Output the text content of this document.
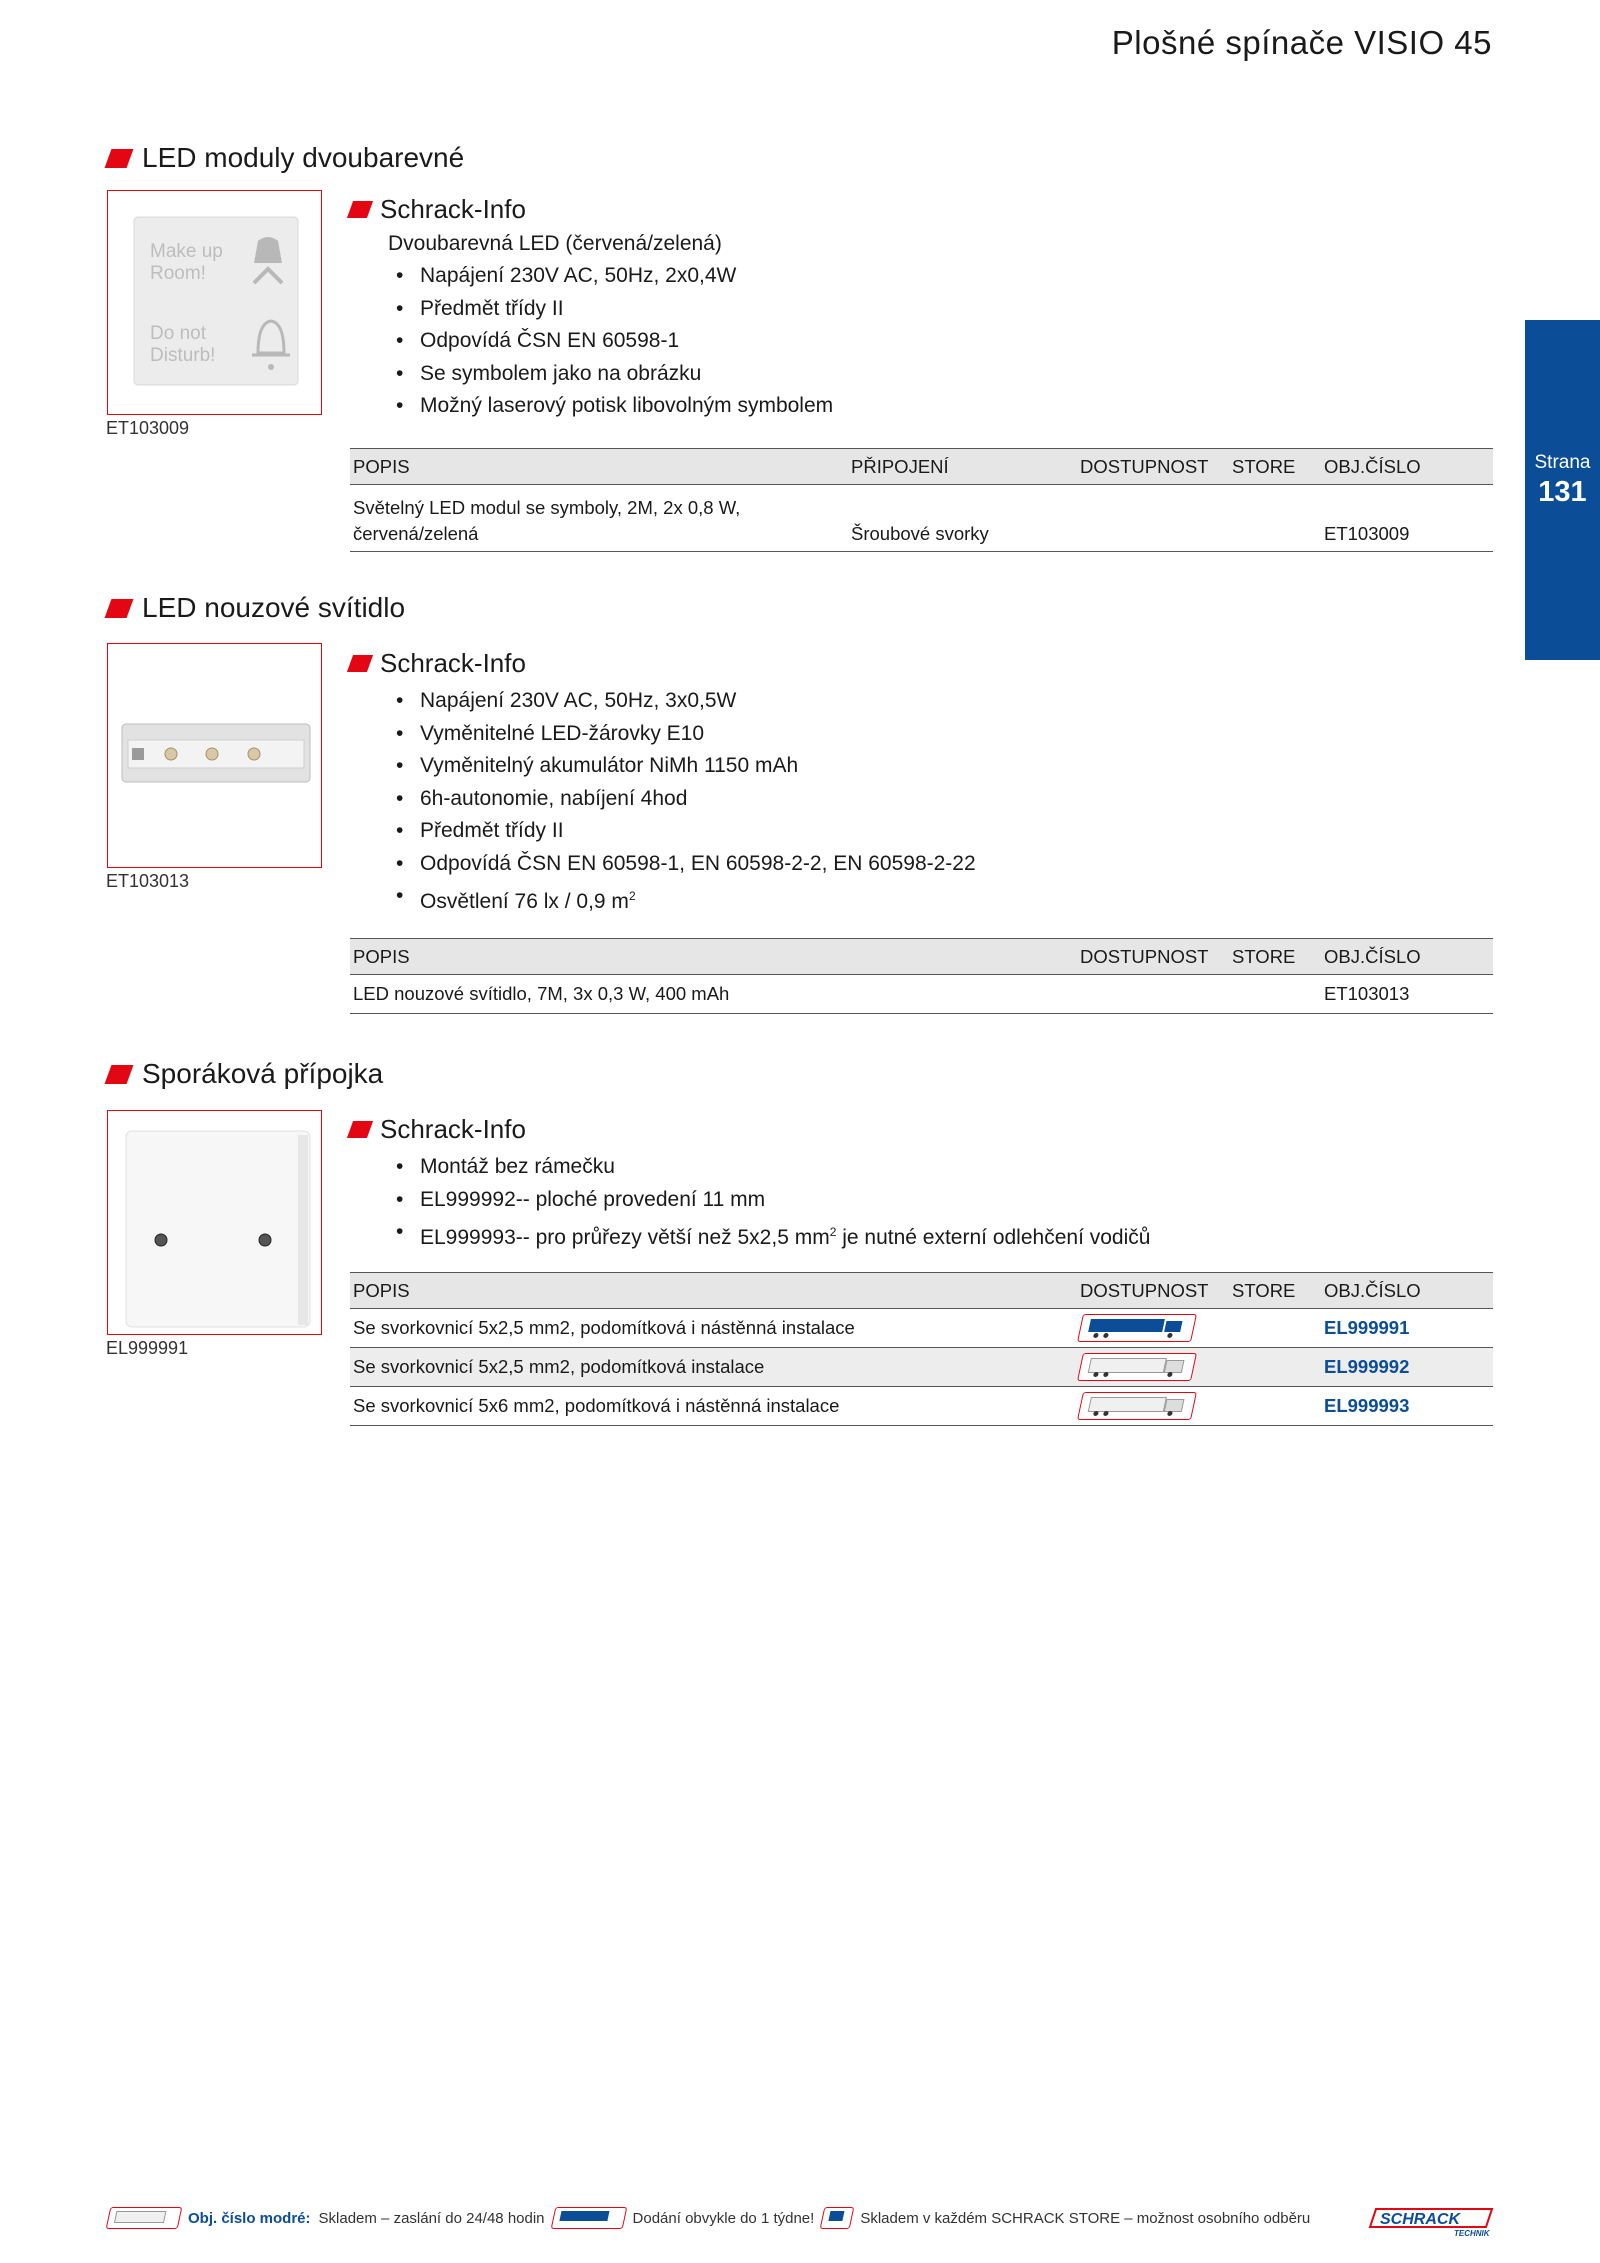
Plošné spínače VISIO 45
Strana
131
LED moduly dvoubarevné
Make up
Room!
Do not
Disturb!
ET103009
Schrack-Info
Dvoubarevná LED (červená/zelená)
• Napájení 230V AC, 50Hz, 2x0,4W
• Předmět třídy II
• Odpovídá ČSN EN 60598-1
• Se symbolem jako na obrázku
• Možný laserový potisk libovolným symbolem
POPIS	PŘIPOJENÍ	DOSTUPNOST	STORE	OBJ.ČÍSLO

Světelný LED modul se symboly, 2M, 2x 0,8 W,
červená/zelená	Šroubové svorky			ET103009
LED nouzové svítidlo
ET103013
Schrack-Info
• Napájení 230V AC, 50Hz, 3x0,5W
• Vyměnitelné LED-žárovky E10
• Vyměnitelný akumulátor NiMh 1150 mAh
• 6h-autonomie, nabíjení 4hod
• Předmět třídy II
• Odpovídá ČSN EN 60598-1, EN 60598-2-2, EN 60598-2-22
• Osvětlení 76 lx / 0,9 $m^2$
POPIS	DOSTUPNOST	STORE	OBJ.ČÍSLO
LED nouzové svítidlo, 7M, 3x 0,3 W, 400 mAh			ET103013
Sporáková přípojka
EL999991
Schrack-Info
• Montáž bez rámečku
• EL999992-- ploché provedení 11 mm
• EL999993-- pro průřezy větší než 5x2,5 $mm^2$ je nutné externí odlehčení vodičů
POPIS	DOSTUPNOST	STORE	OBJ.ČÍSLO
Se svorkovnicí 5x2,5 mm2, podomítková i nástěnná instalace			EL999991
Se svorkovnicí 5x2,5 mm2, podomítková instalace			EL999992
Se svorkovnicí 5x6 mm2, podomítková i nástěnná instalace			EL999993
Obj. číslo modré: Skladem – zaslání do 24/48 hodin	Dodání obvykle do 1 týdne!	Skladem v každém SCHRACK STORE – možnost osobního odběru	SCHRACK
TECHNIK
